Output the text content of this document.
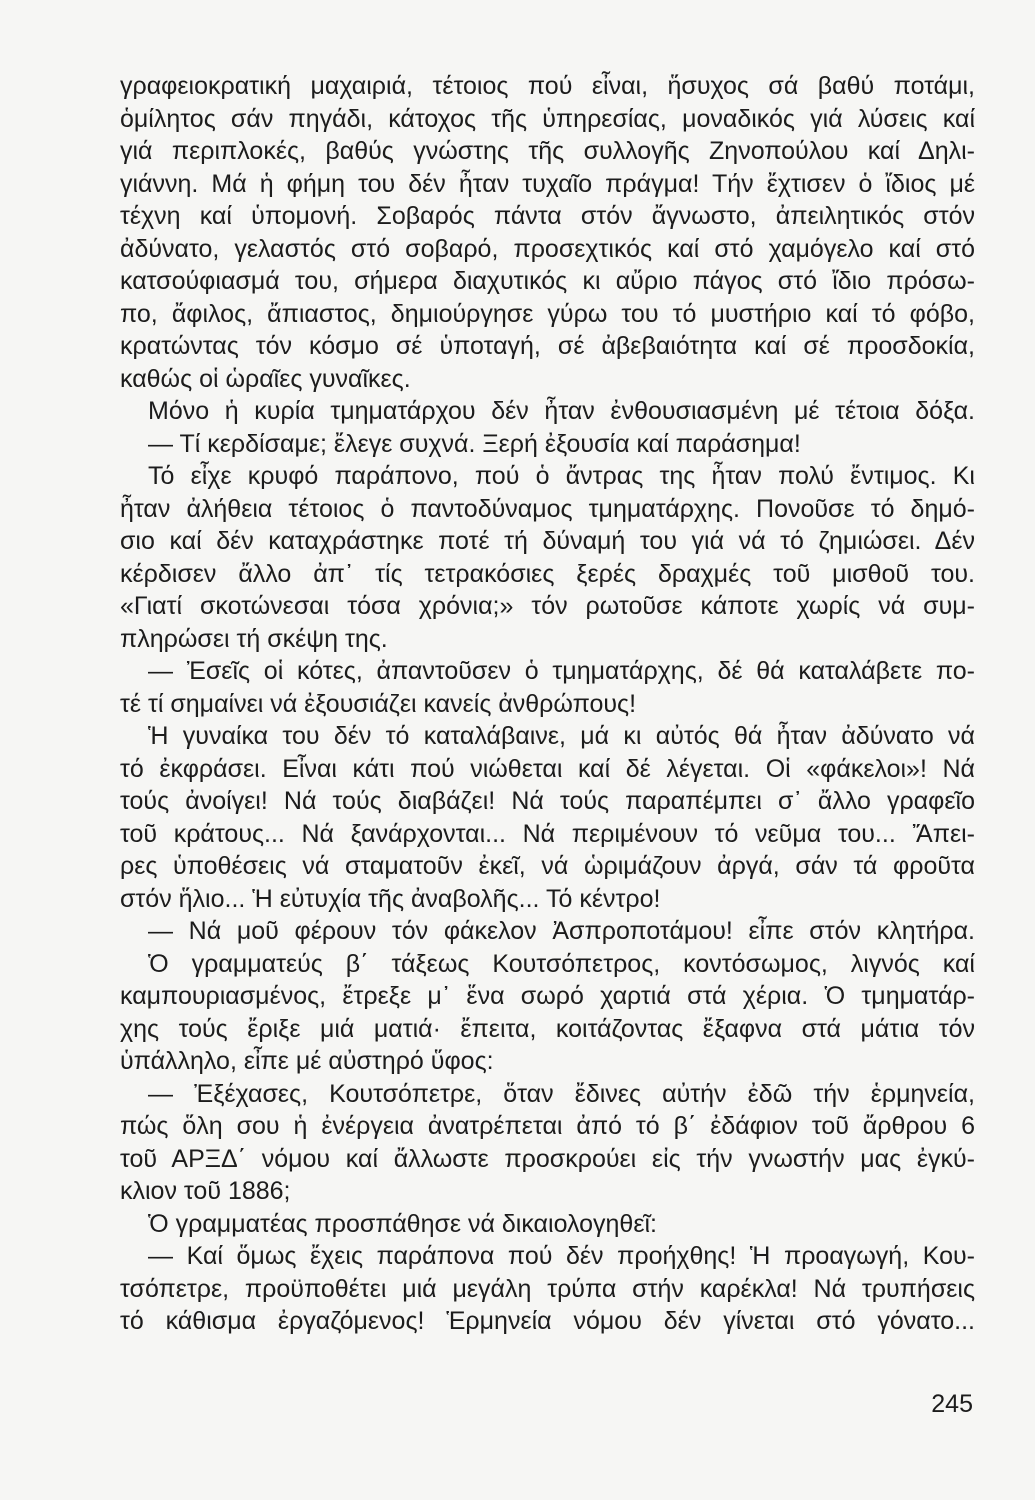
γραφειοκρατική μαχαιριά, τέτοιος πού εἶναι, ἥσυχος σά βαθύ ποτάμι,
ὁμίλητος σάν πηγάδι, κάτοχος τῆς ὑπηρεσίας, μοναδικός γιά λύσεις καί
γιά περιπλοκές, βαθύς γνώστης τῆς συλλογῆς Ζηνοπούλου καί Δηλι-
γιάννη. Μά ἡ φήμη του δέν ἦταν τυχαῖο πράγμα! Τήν ἔχτισεν ὁ ἴδιος μέ
τέχνη καί ὑπομονή. Σοβαρός πάντα στόν ἄγνωστο, ἀπειλητικός στόν
ἀδύνατο, γελαστός στό σοβαρό, προσεχτικός καί στό χαμόγελο καί στό
κατσούφιασμά του, σήμερα διαχυτικός κι αὔριο πάγος στό ἴδιο πρόσω-
πο, ἄφιλος, ἄπιαστος, δημιούργησε γύρω του τό μυστήριο καί τό φόβο,
κρατώντας τόν κόσμο σέ ὑποταγή, σέ ἀβεβαιότητα καί σέ προσδοκία,
καθώς οἱ ὡραῖες γυναῖκες.
Μόνο ἡ κυρία τμηματάρχου δέν ἦταν ἐνθουσιασμένη μέ τέτοια δόξα.
— Τί κερδίσαμε; ἔλεγε συχνά. Ξερή ἐξουσία καί παράσημα!
Τό εἶχε κρυφό παράπονο, πού ὁ ἄντρας της ἦταν πολύ ἔντιμος. Κι
ἦταν ἀλήθεια τέτοιος ὁ παντοδύναμος τμηματάρχης. Πονοῦσε τό δημό-
σιο καί δέν καταχράστηκε ποτέ τή δύναμή του γιά νά τό ζημιώσει. Δέν
κέρδισεν ἄλλο ἀπ᾿ τίς τετρακόσιες ξερές δραχμές τοῦ μισθοῦ του.
«Γιατί σκοτώνεσαι τόσα χρόνια;» τόν ρωτοῦσε κάποτε χωρίς νά συμ-
πληρώσει τή σκέψη της.
— Ἐσεῖς οἱ κότες, ἀπαντοῦσεν ὁ τμηματάρχης, δέ θά καταλάβετε πο-
τέ τί σημαίνει νά ἐξουσιάζει κανείς ἀνθρώπους!
Ἡ γυναίκα του δέν τό καταλάβαινε, μά κι αὐτός θά ἦταν ἀδύνατο νά
τό ἐκφράσει. Εἶναι κάτι πού νιώθεται καί δέ λέγεται. Οἱ «φάκελοι»! Νά
τούς ἀνοίγει! Νά τούς διαβάζει! Νά τούς παραπέμπει σ᾿ ἄλλο γραφεῖο
τοῦ κράτους... Νά ξανάρχονται... Νά περιμένουν τό νεῦμα του... Ἄπει-
ρες ὑποθέσεις νά σταματοῦν ἐκεῖ, νά ὡριμάζουν ἀργά, σάν τά φροῦτα
στόν ἥλιο... Ἡ εὐτυχία τῆς ἀναβολῆς... Τό κέντρο!
— Νά μοῦ φέρουν τόν φάκελον Ἀσπροποτάμου! εἶπε στόν κλητήρα.
Ὁ γραμματεύς β΄ τάξεως Κουτσόπετρος, κοντόσωμος, λιγνός καί
καμπουριασμένος, ἔτρεξε μ᾿ ἕνα σωρό χαρτιά στά χέρια. Ὁ τμηματάρ-
χης τούς ἔριξε μιά ματιά· ἔπειτα, κοιτάζοντας ἔξαφνα στά μάτια τόν
ὑπάλληλο, εἶπε μέ αὐστηρό ὕφος:
— Ἐξέχασες, Κουτσόπετρε, ὅταν ἔδινες αὐτήν ἐδῶ τήν ἑρμηνεία,
πώς ὅλη σου ἡ ἐνέργεια ἀνατρέπεται ἀπό τό β΄ ἐδάφιον τοῦ ἄρθρου 6
τοῦ ΑΡΞΔ΄ νόμου καί ἄλλωστε προσκρούει εἰς τήν γνωστήν μας ἐγκύ-
κλιον τοῦ 1886;
Ὁ γραμματέας προσπάθησε νά δικαιολογηθεῖ:
— Καί ὅμως ἔχεις παράπονα πού δέν προήχθης! Ἡ προαγωγή, Κου-
τσόπετρε, προϋποθέτει μιά μεγάλη τρύπα στήν καρέκλα! Νά τρυπήσεις
τό κάθισμα ἐργαζόμενος! Ἑρμηνεία νόμου δέν γίνεται στό γόνατο...
245
